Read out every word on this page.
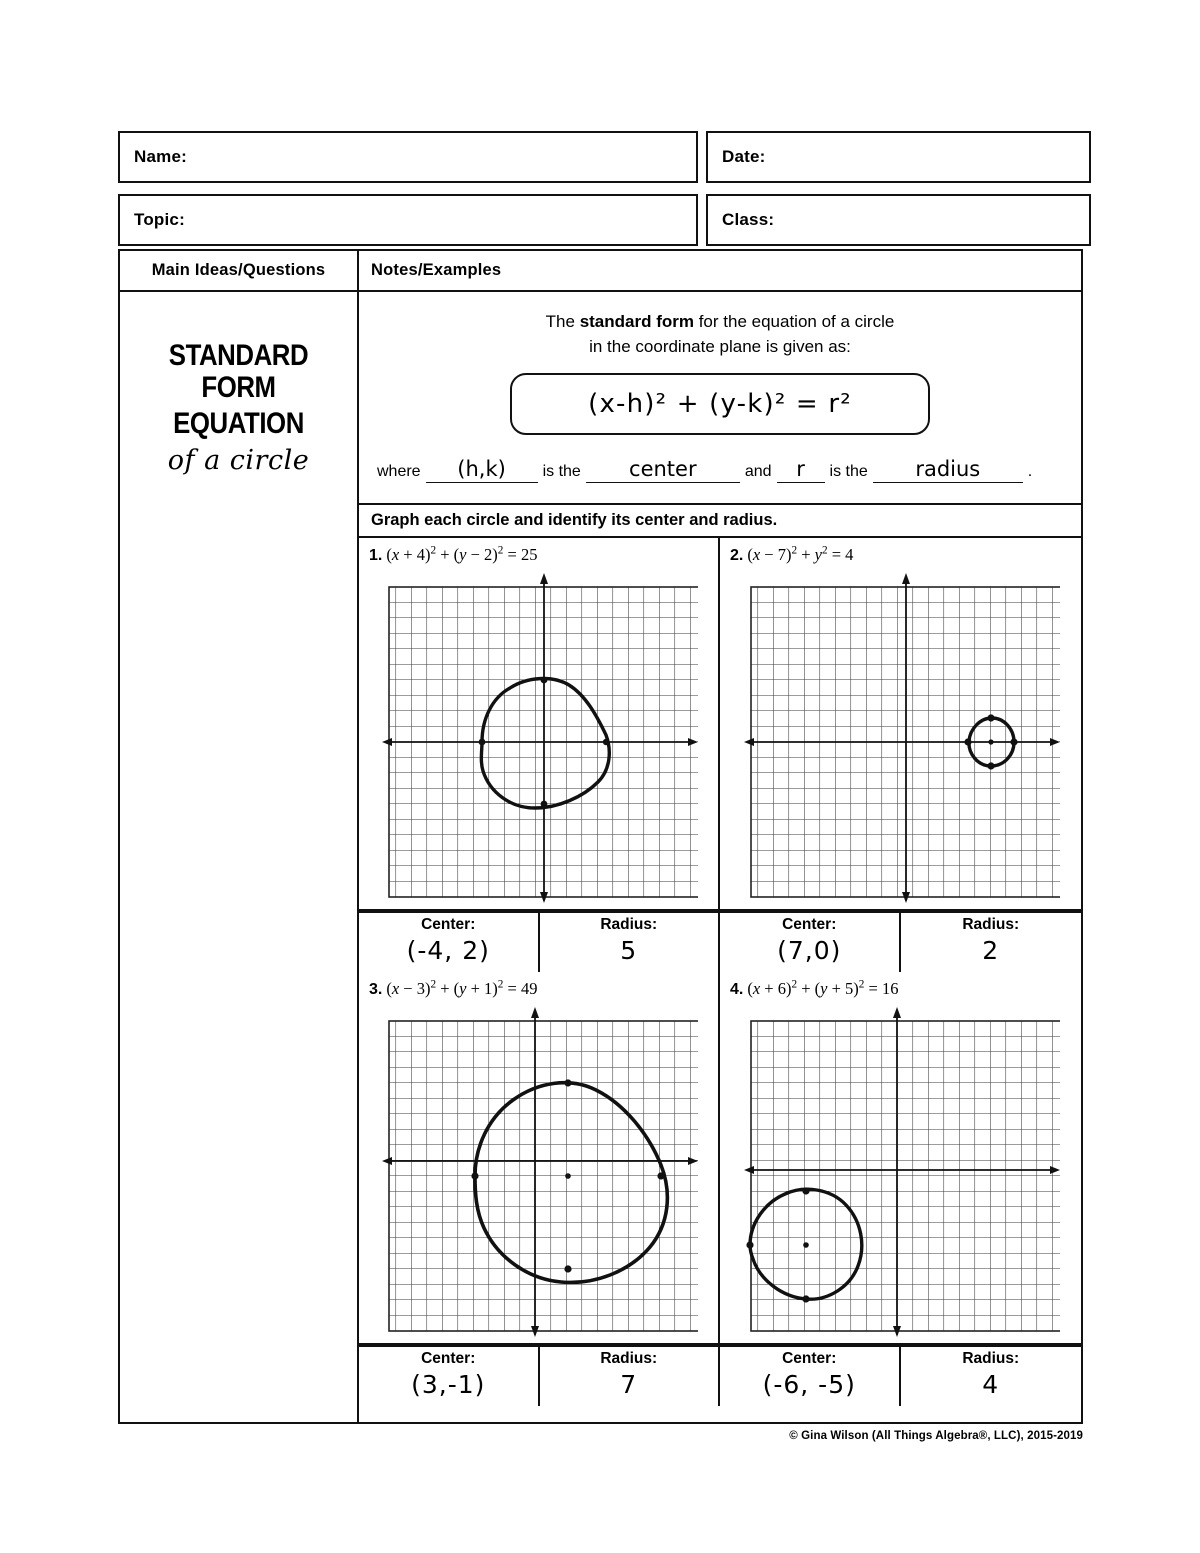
Name:	Date:
Topic:	Class:
Main Ideas/Questions	Notes/Examples
STANDARD FORM
EQUATION
of a circle
The standard form for the equation of a circle
in the coordinate plane is given as:
(x-h)² + (y-k)² = r²
where	(h,k)	is the	center	and	r	is the	radius	.
Graph each circle and identify its center and radius.
1. $(x + 4)^2 + (y - 2)^2 = 25$	2. $(x - 7)^2 + y^2 = 4$
Center:
(-4, 2)
Radius:
5
Center:
(7,0)
Radius:
2
3. $(x - 3)^2 + (y + 1)^2 = 49$	4. $(x + 6)^2 + (y + 5)^2 = 16$
Center:
(3,-1)
Radius:
7
Center:
(-6, -5)
Radius:
4
© Gina Wilson (All Things Algebra®, LLC), 2015-2019
